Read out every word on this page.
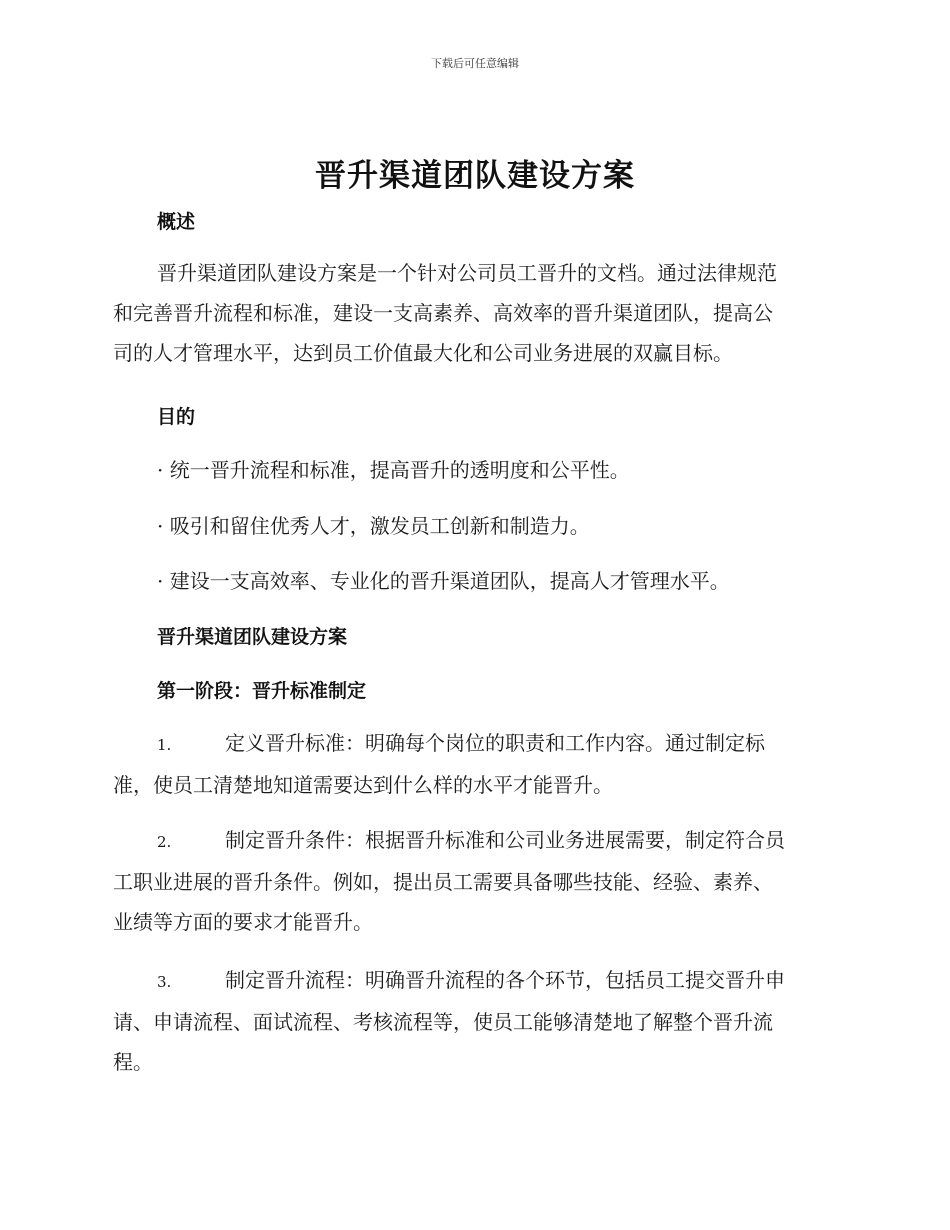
下载后可任意编辑
晋升渠道团队建设方案
概述
晋升渠道团队建设方案是一个针对公司员工晋升的文档。通过法律规范
和完善晋升流程和标准，建设一支高素养、高效率的晋升渠道团队，提高公
司的人才管理水平，达到员工价值最大化和公司业务进展的双赢目标。
目的
· 统一晋升流程和标准，提高晋升的透明度和公平性。
· 吸引和留住优秀人才，激发员工创新和制造力。
· 建设一支高效率、专业化的晋升渠道团队，提高人才管理水平。
晋升渠道团队建设方案
第一阶段：晋升标准制定
1.	定义晋升标准：明确每个岗位的职责和工作内容。通过制定标
准，使员工清楚地知道需要达到什么样的水平才能晋升。
2.	制定晋升条件：根据晋升标准和公司业务进展需要，制定符合员
工职业进展的晋升条件。例如，提出员工需要具备哪些技能、经验、素养、
业绩等方面的要求才能晋升。
3.	制定晋升流程：明确晋升流程的各个环节，包括员工提交晋升申
请、申请流程、面试流程、考核流程等，使员工能够清楚地了解整个晋升流
程。
